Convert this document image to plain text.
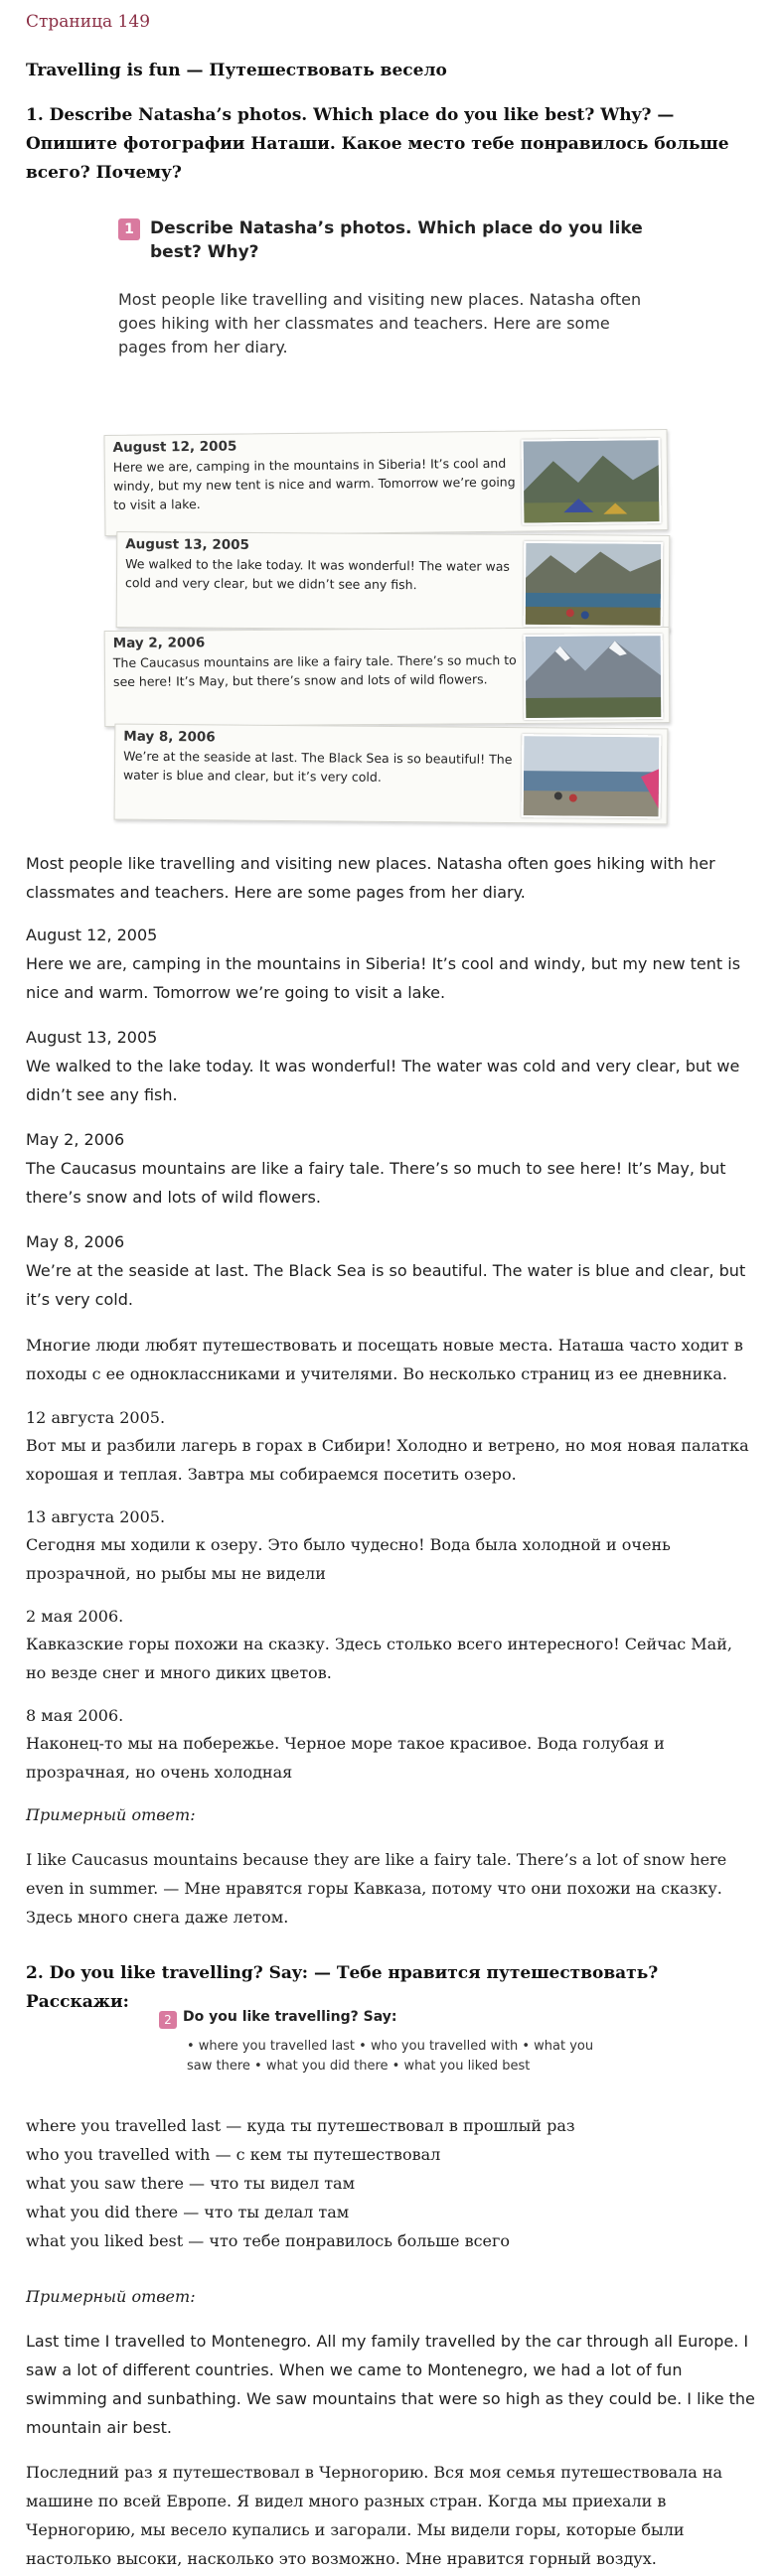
Страница 149
Travelling is fun — Путешествовать весело
1. Describe Natasha’s photos. Which place do you like best? Why? — Опишите фотографии Наташи. Какое место тебе понравилось больше всего? Почему?
1 Describe Natasha’s photos. Which place do you like best? Why?
Most people like travelling and visiting new places. Natasha often goes hiking with her classmates and teachers. Here are some pages from her diary.
August 12, 2005
Here we are, camping in the mountains in Siberia! It’s cool and windy, but my new tent is nice and warm. Tomorrow we’re going to visit a lake.
August 13, 2005
We walked to the lake today. It was wonderful! The water was cold and very clear, but we didn’t see any fish.
May 2, 2006
The Caucasus mountains are like a fairy tale. There’s so much to see here! It’s May, but there’s snow and lots of wild flowers.
May 8, 2006
We’re at the seaside at last. The Black Sea is so beautiful! The water is blue and clear, but it’s very cold.
Most people like travelling and visiting new places. Natasha often goes hiking with her classmates and teachers. Here are some pages from her diary.
August 12, 2005
Here we are, camping in the mountains in Siberia! It’s cool and windy, but my new tent is nice and warm. Tomorrow we’re going to visit a lake.
August 13, 2005
We walked to the lake today. It was wonderful! The water was cold and very clear, but we didn’t see any fish.
May 2, 2006
The Caucasus mountains are like a fairy tale. There’s so much to see here! It’s May, but there’s snow and lots of wild flowers.
May 8, 2006
We’re at the seaside at last. The Black Sea is so beautiful. The water is blue and clear, but it’s very cold.
Многие люди любят путешествовать и посещать новые места. Наташа часто ходит в походы с ее одноклассниками и учителями. Во несколько страниц из ее дневника.
12 августа 2005.
Вот мы и разбили лагерь в горах в Сибири! Холодно и ветрено, но моя новая палатка хорошая и теплая. Завтра мы собираемся посетить озеро.
13 августа 2005.
Сегодня мы ходили к озеру. Это было чудесно! Вода была холодной и очень прозрачной, но рыбы мы не видели
2 мая 2006.
Кавказские горы похожи на сказку. Здесь столько всего интересного! Сейчас Май, но везде снег и много диких цветов.
8 мая 2006.
Наконец-то мы на побережье. Черное море такое красивое. Вода голубая и прозрачная, но очень холодная
Примерный ответ:
I like Caucasus mountains because they are like a fairy tale. There’s a lot of snow here even in summer. — Мне нравятся горы Кавказа, потому что они похожи на сказку. Здесь много снега даже летом.
2. Do you like travelling? Say: — Тебе нравится путешествовать? Расскажи:
2 Do you like travelling? Say:
• where you travelled last • who you travelled with • what you saw there • what you did there • what you liked best
where you travelled last — куда ты путешествовал в прошлый раз
who you travelled with — с кем ты путешествовал
what you saw there — что ты видел там
what you did there — что ты делал там
what you liked best — что тебе понравилось больше всего
Примерный ответ:
Last time I travelled to Montenegro. All my family travelled by the car through all Europe. I saw a lot of different countries. When we came to Montenegro, we had a lot of fun swimming and sunbathing. We saw mountains that were so high as they could be. I like the mountain air best.
Последний раз я путешествовал в Черногорию. Вся моя семья путешествовала на машине по всей Европе. Я видел много разных стран. Когда мы приехали в Черногорию, мы весело купались и загорали. Мы видели горы, которые были настолько высоки, насколько это возможно. Мне нравится горный воздух.
